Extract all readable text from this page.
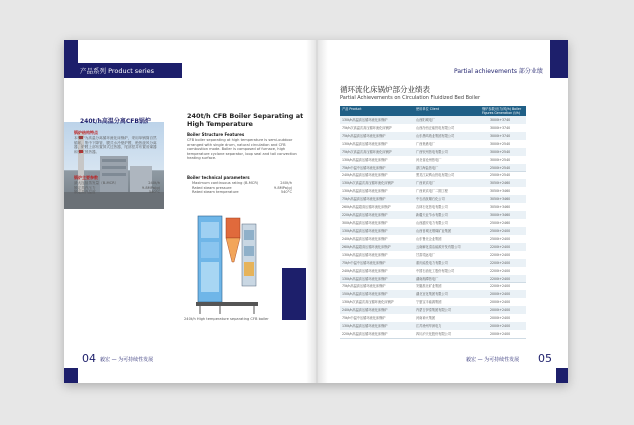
产品系列 Product series
240t/h高温分离CFB锅炉
锅炉结构特点
本锅炉为高温分离循环流化床锅炉，采用单锅筒自然循环，集中下降管，膜式水冷壁炉膛，绝热旋风分离器，炉膛上部布置屏式过热器，尾部竖井布置省煤器和空气预热器。
锅炉主要参数
最大连续蒸发量（B-MCR）	240t/h
额定蒸汽压力	9.8MPa(g)
额定蒸汽温度	540°C
240t/h CFB Boiler Separating at High Temperature
Boiler Structure Features
CFB boiler separating at high temperature is semi-outdoor arranged with single drum, natural circulation and CFB combustion mode. Boiler is composed of furnace, high temperature cyclone separator, loop seal and tail convection heating surface.
Boiler technical parameters
Maximum continuous rating (B-MCR)	240t/h
Rated steam pressure	9.8MPa(g)
Rated steam temperature	540°C
240t/h High temperature separating CFB boiler
04 毅宏 — 为可持续性发展
Partial achievements 部分业绩
循环流化床锅炉部分业绩表
Partial Achievements on Circulation Fluidized Bed Boiler
产品 Product	使用单位 Client	锅炉参数/出力(吨/h) Boiler Figures Generation (t/h)
130t/h高温高压循环流化床锅炉	山西阳城电厂	3000t+3740
75t/h次高温次高压循环流化床锅炉	山西汾西正能热电有限公司	3000t+3740
75t/h高温高压循环流化床锅炉	山东晨鸣纸业集团有限公司	3000t+3740
130t/h高温高压循环流化床锅炉	广西贵港电厂	3000t+2540
75t/h次高温次高压循环流化床锅炉	广西钦州热电有限公司	3000t+2540
130t/h高温高压循环流化床锅炉	河北省沧州热电厂	3000t+2540
75t/h中温中压循环流化床锅炉	浙江海盐热电厂	2500t+2540
240t/h高温高压循环流化床锅炉	黑龙江双鸭山热电有限公司	2500t+2540
130t/h次高温次高压循环流化床锅炉	广西来宾电厂	3050t+2460
130t/h高温高压循环流化床锅炉	广西来宾电厂二期工程	3050t+3460
75t/h高温高压循环流化床锅炉	中石油抚顺石化公司	3050t+3460
260t/h高温超高压循环流化床锅炉	吉林石化热电有限公司	3050t+3460
220t/h高温高压循环流化床锅炉	新疆天业节水有限公司	3000t+3460
300t/h高温高压循环流化床锅炉	山西潞安电力有限公司	2500t+2460
130t/h高温高压循环流化床锅炉	山西晋城无烟煤矿业集团	2500t+2400
240t/h高温高压循环流化床锅炉	山东鲁北企业集团	2500t+2400
260t/h高温超高压循环流化床锅炉	云南解化清洁能源开发有限公司	2200t+2400
130t/h高温高压循环流化床锅炉	甘肃靖远电厂	2200t+2400
75t/h中温中压循环流化床锅炉	重庆能投电力有限公司	2200t+2400
240t/h高温高压循环流化床锅炉	中国石油化工股份有限公司	2200t+2400
130t/h高温高压循环流化床锅炉	湖南湘潭热电厂	2200t+2400
75t/h高温高压循环流化床锅炉	安徽淮北矿业集团	2200t+2400
150t/h高温高压循环流化床锅炉	湖北宜化集团有限公司	2000t+2400
130t/h次高温次高压循环流化床锅炉	宁夏宝丰能源集团	2000t+2400
240t/h高温高压循环流化床锅炉	内蒙古伊泰集团有限公司	2000t+2400
75t/h中温中压循环流化床锅炉	河南神火集团	2000t+2400
130t/h高温高压循环流化床锅炉	江苏徐州华润电力	2000t+2400
220t/h高温高压循环流化床锅炉	四川泸天化股份有限公司	2000t+2400
毅宏 — 为可持续性发展 05
